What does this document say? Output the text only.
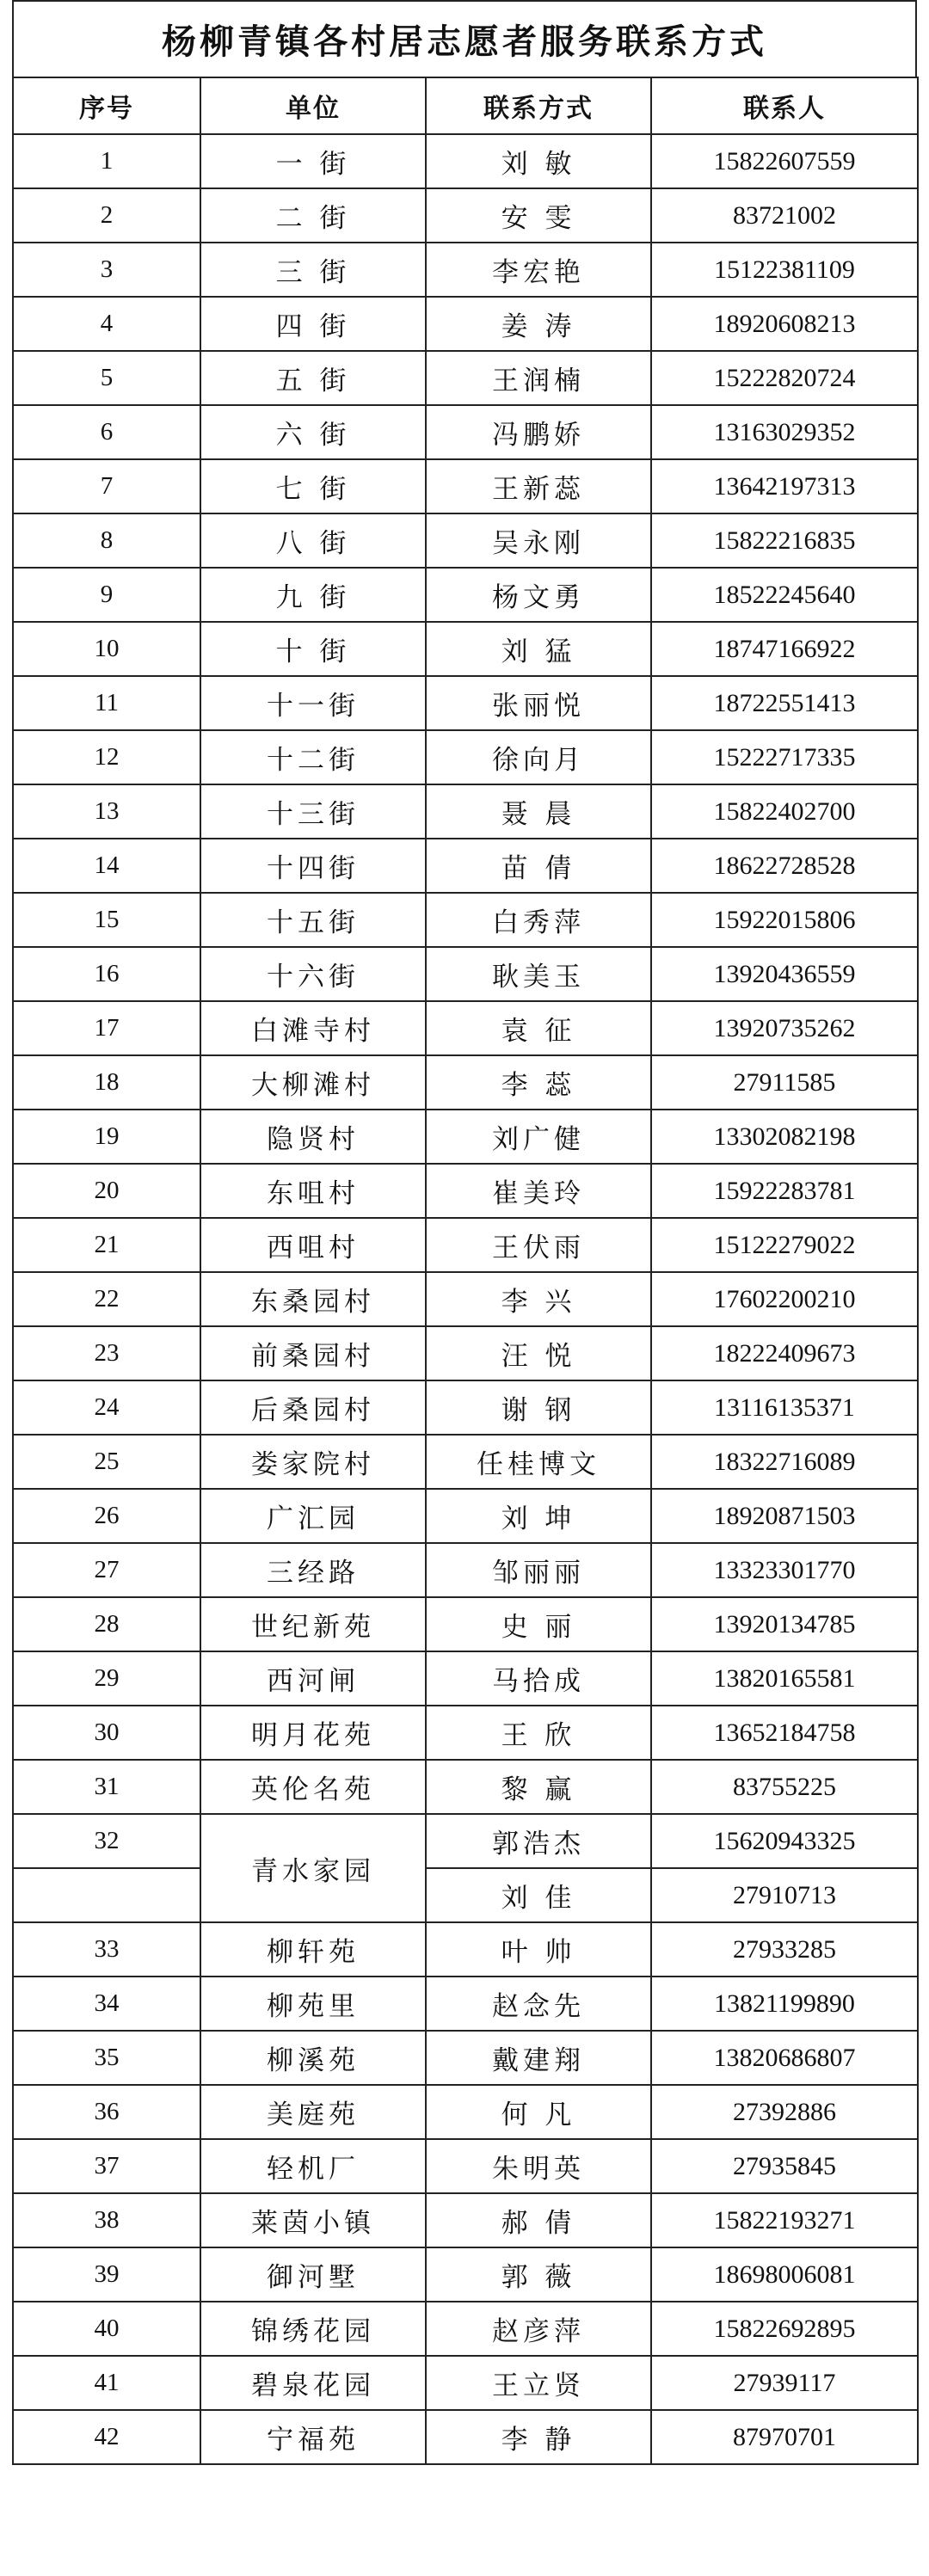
杨柳青镇各村居志愿者服务联系方式
序号	单位	联系方式	联系人
1	一 街	刘 敏	15822607559
2	二 街	安 雯	83721002
3	三 街	李宏艳	15122381109
4	四 街	姜 涛	18920608213
5	五 街	王润楠	15222820724
6	六 街	冯鹏娇	13163029352
7	七 街	王新蕊	13642197313
8	八 街	吴永刚	15822216835
9	九 街	杨文勇	18522245640
10	十 街	刘 猛	18747166922
11	十一街	张丽悦	18722551413
12	十二街	徐向月	15222717335
13	十三街	聂 晨	15822402700
14	十四街	苗 倩	18622728528
15	十五街	白秀萍	15922015806
16	十六街	耿美玉	13920436559
17	白滩寺村	袁 征	13920735262
18	大柳滩村	李 蕊	27911585
19	隐贤村	刘广健	13302082198
20	东咀村	崔美玲	15922283781
21	西咀村	王伏雨	15122279022
22	东桑园村	李 兴	17602200210
23	前桑园村	汪 悦	18222409673
24	后桑园村	谢 钢	13116135371
25	娄家院村	任桂博文	18322716089
26	广汇园	刘 坤	18920871503
27	三经路	邹丽丽	13323301770
28	世纪新苑	史 丽	13920134785
29	西河闸	马拾成	13820165581
30	明月花苑	王 欣	13652184758
31	英伦名苑	黎 赢	83755225
32	青水家园	郭浩杰	15620943325
		刘 佳	27910713
33	柳轩苑	叶 帅	27933285
34	柳苑里	赵念先	13821199890
35	柳溪苑	戴建翔	13820686807
36	美庭苑	何 凡	27392886
37	轻机厂	朱明英	27935845
38	莱茵小镇	郝 倩	15822193271
39	御河墅	郭 薇	18698006081
40	锦绣花园	赵彦萍	15822692895
41	碧泉花园	王立贤	27939117
42	宁福苑	李 静	87970701
